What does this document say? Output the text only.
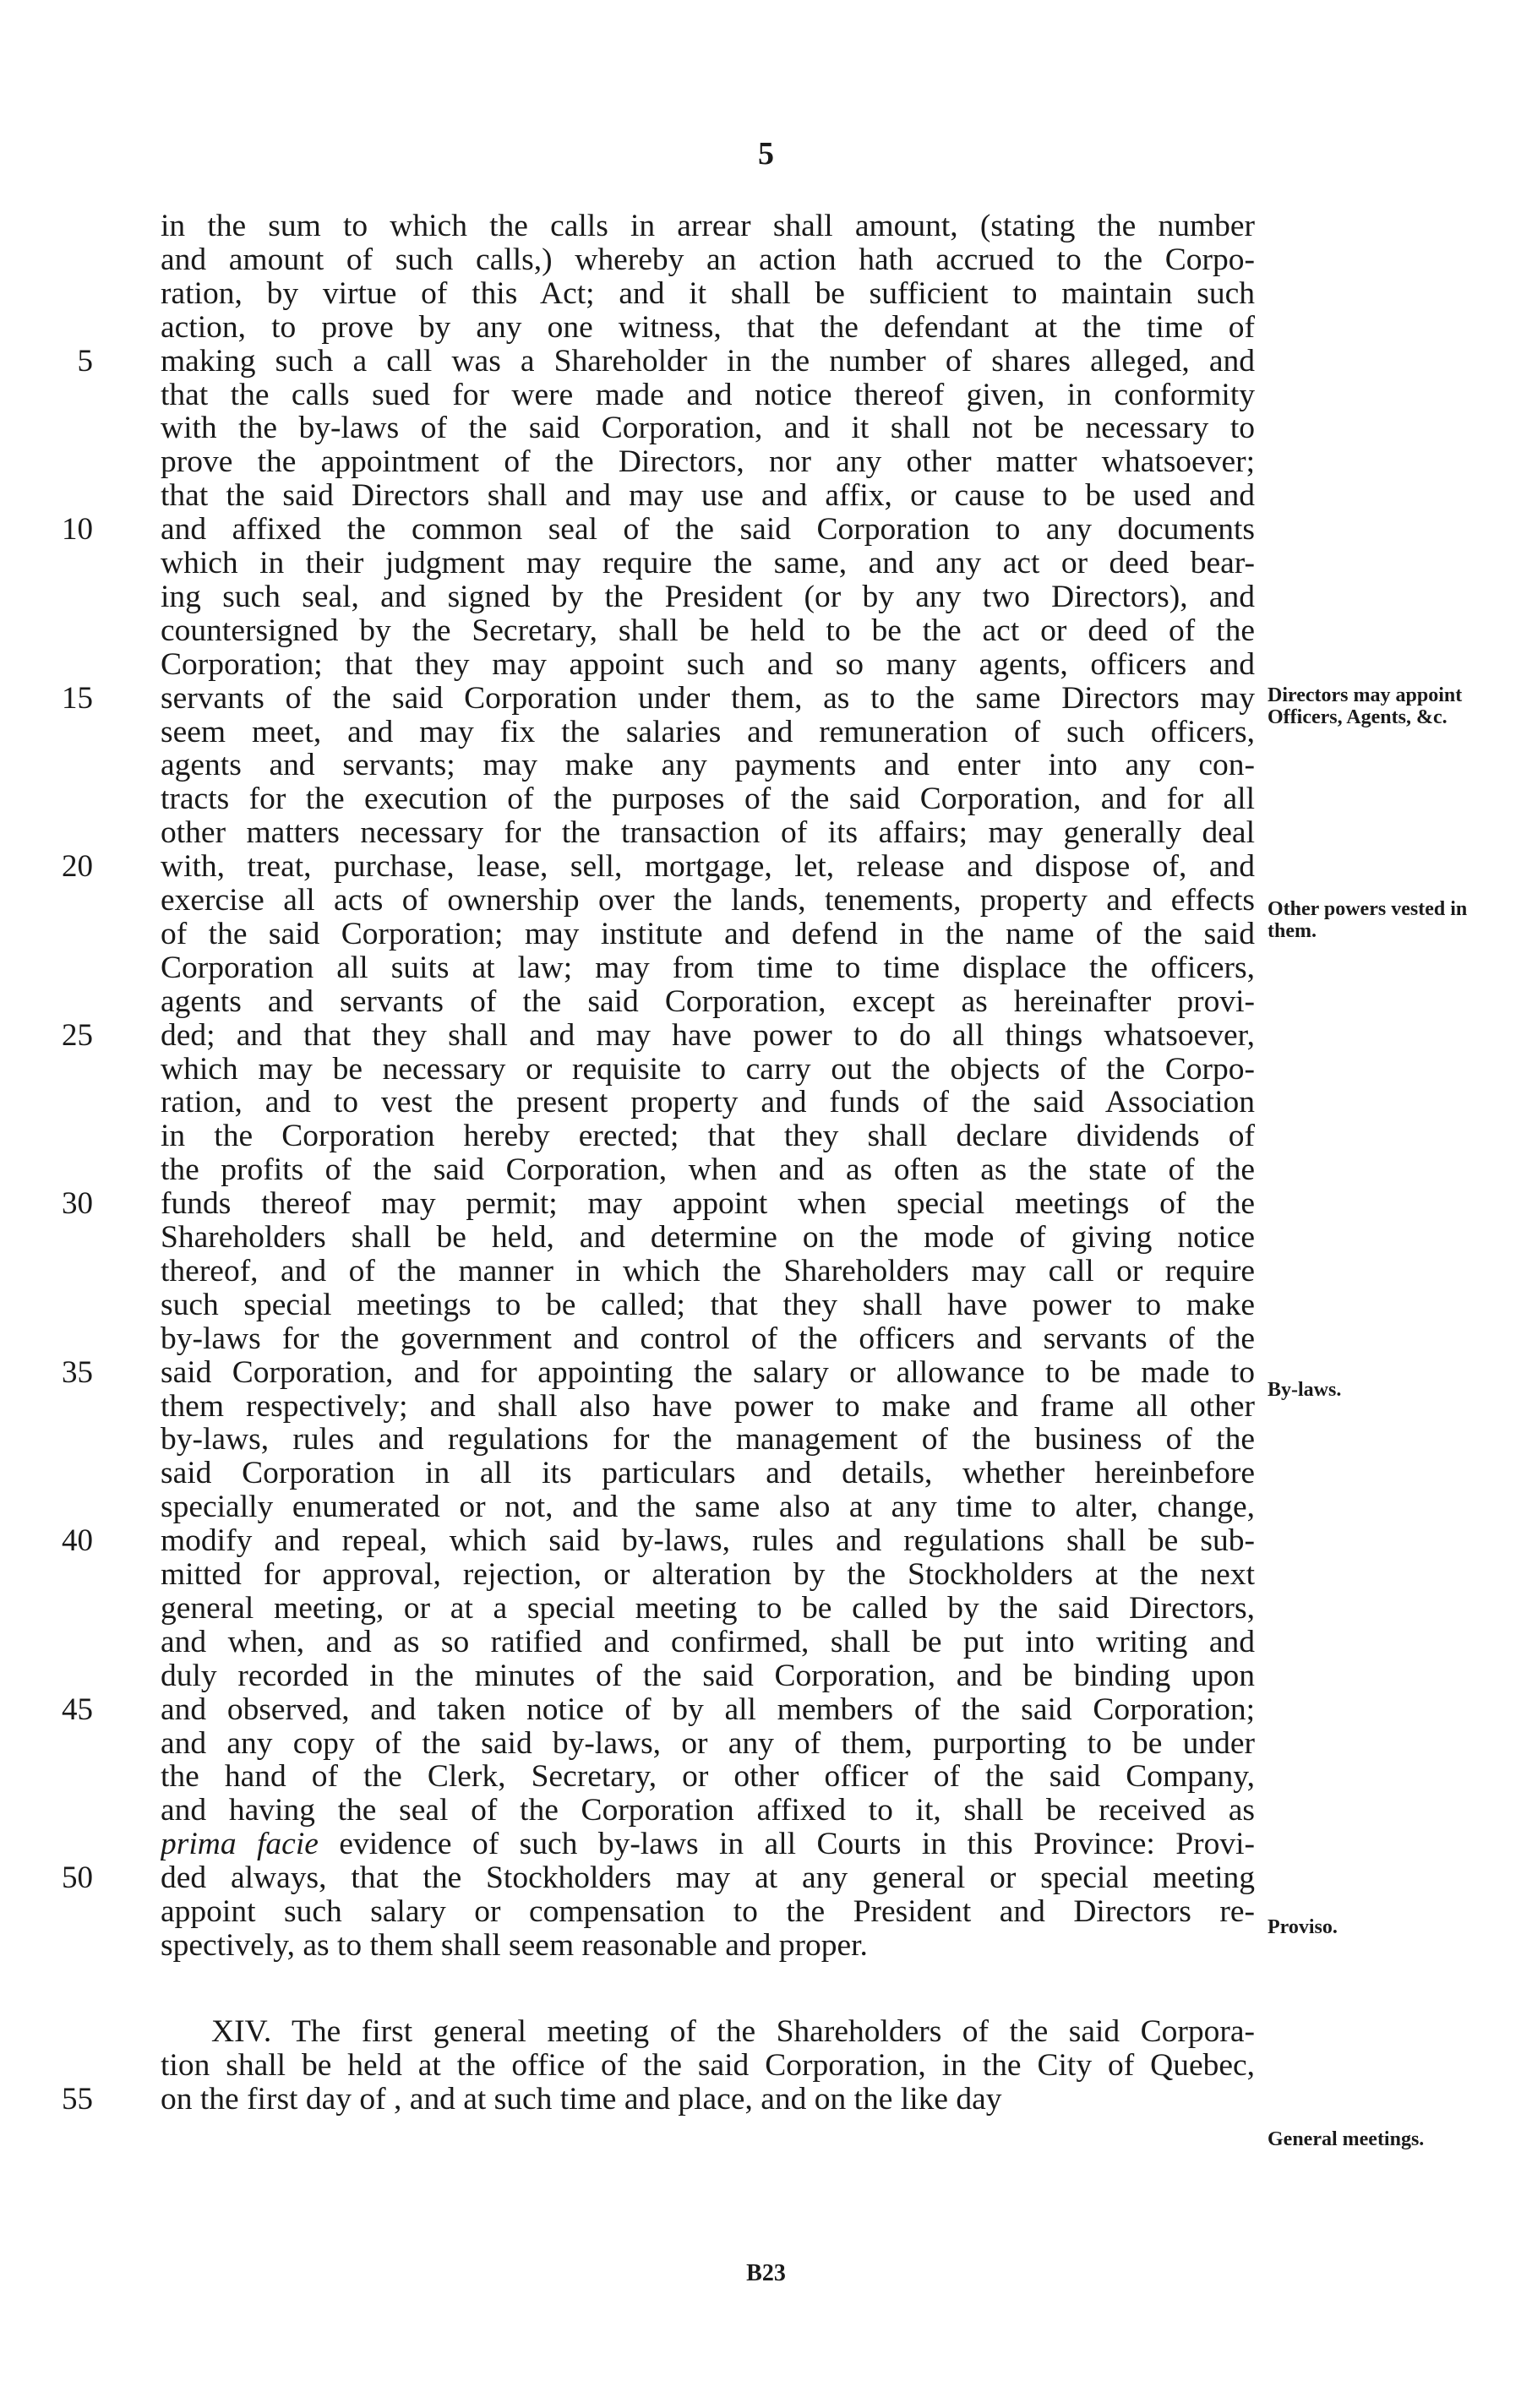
5
in the sum to which the calls in arrear shall amount, (stating the number
and amount of such calls,) whereby an action hath accrued to the Corpo-
ration, by virtue of this Act; and it shall be sufficient to maintain such
action, to prove by any one witness, that the defendant at the time of
5 making such a call was a Shareholder in the number of shares alleged, and
that the calls sued for were made and notice thereof given, in conformity
with the by-laws of the said Corporation, and it shall not be necessary to
prove the appointment of the Directors, nor any other matter whatsoever;
that the said Directors shall and may use and affix, or cause to be used and
10 and affixed the common seal of the said Corporation to any documents
which in their judgment may require the same, and any act or deed bear-
ing such seal, and signed by the President (or by any two Directors), and
countersigned by the Secretary, shall be held to be the act or deed of the
Corporation; that they may appoint such and so many agents, officers and
15 servants of the said Corporation under them, as to the same Directors may
seem meet, and may fix the salaries and remuneration of such officers,
agents and servants; may make any payments and enter into any con-
tracts for the execution of the purposes of the said Corporation, and for all
other matters necessary for the transaction of its affairs; may generally deal
20 with, treat, purchase, lease, sell, mortgage, let, release and dispose of, and
exercise all acts of ownership over the lands, tenements, property and effects
of the said Corporation; may institute and defend in the name of the said
Corporation all suits at law; may from time to time displace the officers,
agents and servants of the said Corporation, except as hereinafter provi-
25 ded; and that they shall and may have power to do all things whatsoever,
which may be necessary or requisite to carry out the objects of the Corpo-
ration, and to vest the present property and funds of the said Association
in the Corporation hereby erected; that they shall declare dividends of
the profits of the said Corporation, when and as often as the state of the
30 funds thereof may permit; may appoint when special meetings of the
Shareholders shall be held, and determine on the mode of giving notice
thereof, and of the manner in which the Shareholders may call or require
such special meetings to be called; that they shall have power to make
by-laws for the government and control of the officers and servants of the
35 said Corporation, and for appointing the salary or allowance to be made to
them respectively; and shall also have power to make and frame all other
by-laws, rules and regulations for the management of the business of the
said Corporation in all its particulars and details, whether hereinbefore
specially enumerated or not, and the same also at any time to alter, change,
40 modify and repeal, which said by-laws, rules and regulations shall be sub-
mitted for approval, rejection, or alteration by the Stockholders at the next
general meeting, or at a special meeting to be called by the said Directors,
and when, and as so ratified and confirmed, shall be put into writing and
duly recorded in the minutes of the said Corporation, and be binding upon
45 and observed, and taken notice of by all members of the said Corporation;
and any copy of the said by-laws, or any of them, purporting to be under
the hand of the Clerk, Secretary, or other officer of the said Company,
and having the seal of the Corporation affixed to it, shall be received as
prima facie evidence of such by-laws in all Courts in this Province: Provi-
50 ded always, that the Stockholders may at any general or special meeting
appoint such salary or compensation to the President and Directors re-
spectively, as to them shall seem reasonable and proper.
XIV. The first general meeting of the Shareholders of the said Corpora-
tion shall be held at the office of the said Corporation, in the City of Quebec,
55 on the first day of , and at such time and place, and on the like day
Directors may appoint Officers, Agents, &c.
Other powers vested in them.
By-laws.
Proviso.
General meetings.
B23
